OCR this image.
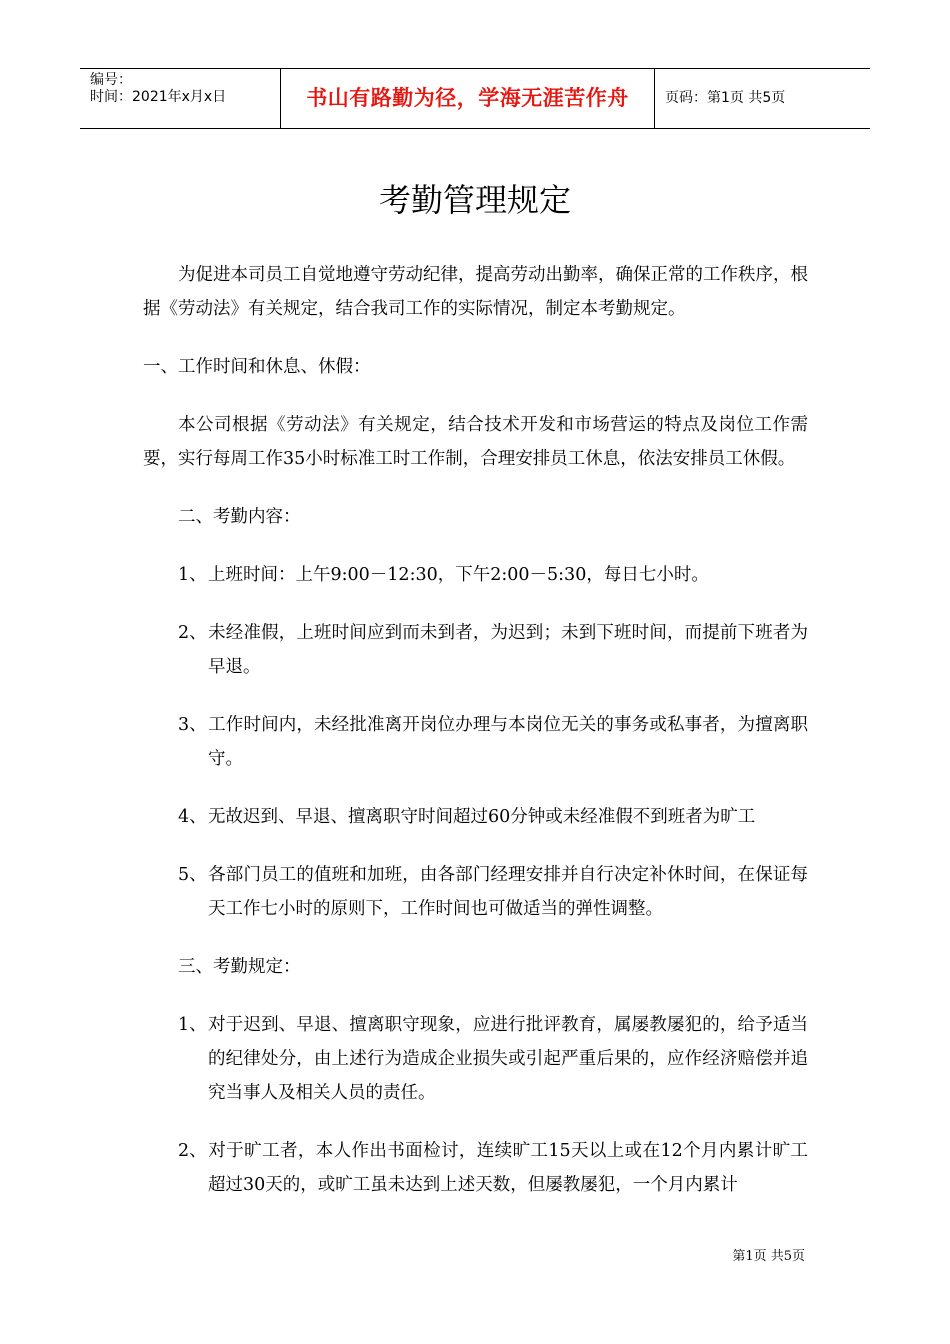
编号：
时间：2021年x月x日	书山有路勤为径，学海无涯苦作舟	页码：第1页 共5页
考勤管理规定

为促进本司员工自觉地遵守劳动纪律，提高劳动出勤率，确保正常的工作秩序，根据《劳动法》有关规定，结合我司工作的实际情况，制定本考勤规定。

一、工作时间和休息、休假：

本公司根据《劳动法》有关规定，结合技术开发和市场营运的特点及岗位工作需要，实行每周工作35小时标准工时工作制，合理安排员工休息，依法安排员工休假。

二、考勤内容：

1、上班时间：上午9:00－12:30，下午2:00－5:30，每日七小时。

2、未经准假，上班时间应到而未到者，为迟到；未到下班时间，而提前下班者为早退。

3、工作时间内，未经批准离开岗位办理与本岗位无关的事务或私事者，为擅离职守。

4、无故迟到、早退、擅离职守时间超过60分钟或未经准假不到班者为旷工

5、各部门员工的值班和加班，由各部门经理安排并自行决定补休时间，在保证每天工作七小时的原则下，工作时间也可做适当的弹性调整。

三、考勤规定：

1、对于迟到、早退、擅离职守现象，应进行批评教育，属屡教屡犯的，给予适当的纪律处分，由上述行为造成企业损失或引起严重后果的，应作经济赔偿并追究当事人及相关人员的责任。

2、对于旷工者，本人作出书面检讨，连续旷工15天以上或在12个月内累计旷工超过30天的，或旷工虽未达到上述天数，但屡教屡犯，一个月内累计

第1页 共5页
